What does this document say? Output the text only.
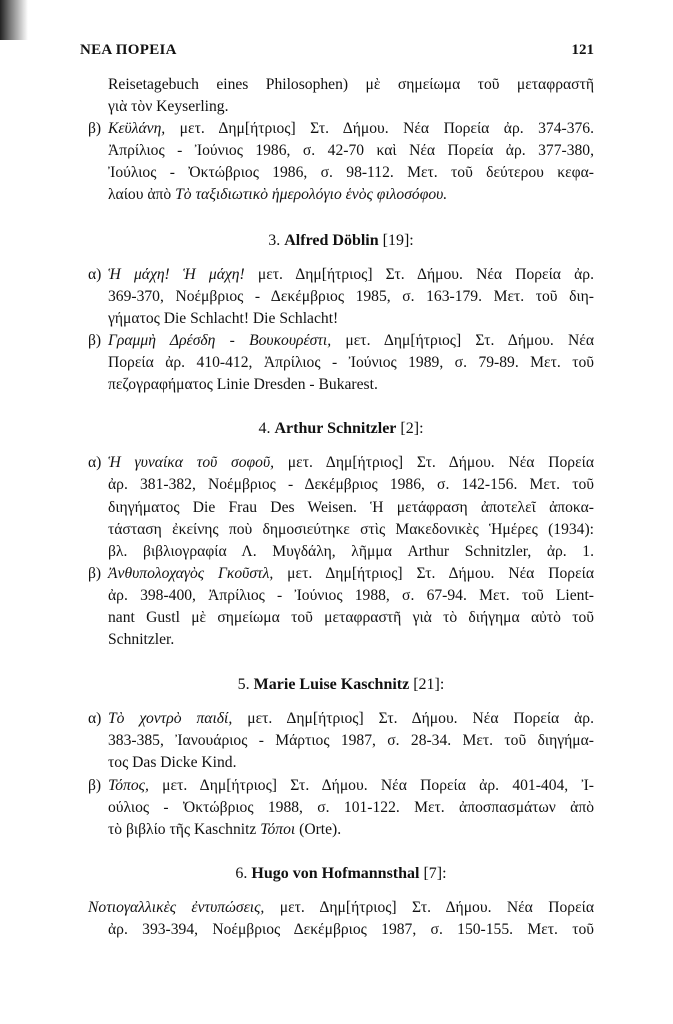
ΝΕΑ ΠΟΡΕΙΑ	121
Reisetagebuch eines Philosophen) μὲ σημείωμα τοῦ μεταφραστῆ
γιὰ τὸν Keyserling.
β) Κεϋλάνη, μετ. Δημ[ήτριος] Στ. Δήμου. Νέα Πορεία ἀρ. 374-376.
Ἀπρίλιος - Ἰούνιος 1986, σ. 42-70 καὶ Νέα Πορεία ἀρ. 377-380,
Ἰούλιος - Ὀκτώβριος 1986, σ. 98-112. Μετ. τοῦ δεύτερου κεφα-
λαίου ἀπὸ Τὸ ταξιδιωτικὸ ἡμερολόγιο ἑνὸς φιλοσόφου.

3. Alfred Döblin [19]:

α) Ἡ μάχη! Ἡ μάχη! μετ. Δημ[ήτριος] Στ. Δήμου. Νέα Πορεία ἀρ.
369-370, Νοέμβριος - Δεκέμβριος 1985, σ. 163-179. Μετ. τοῦ διη-
γήματος Die Schlacht! Die Schlacht!
β) Γραμμὴ Δρέσδη - Βουκουρέστι, μετ. Δημ[ήτριος] Στ. Δήμου. Νέα
Πορεία ἀρ. 410-412, Ἀπρίλιος - Ἰούνιος 1989, σ. 79-89. Μετ. τοῦ
πεζογραφήματος Linie Dresden - Bukarest.

4. Arthur Schnitzler [2]:

α) Ἡ γυναίκα τοῦ σοφοῦ, μετ. Δημ[ήτριος] Στ. Δήμου. Νέα Πορεία
ἀρ. 381-382, Νοέμβριος - Δεκέμβριος 1986, σ. 142-156. Μετ. τοῦ
διηγήματος Die Frau Des Weisen. Ἡ μετάφραση ἀποτελεῖ ἀποκα-
τάσταση ἐκείνης ποὺ δημοσιεύτηκε στὶς Μακεδονικὲς Ἡμέρες (1934):
βλ. βιβλιογραφία Λ. Μυγδάλη, λῆμμα Arthur Schnitzler, ἀρ. 1.
β) Ἀνθυπολοχαγὸς Γκοῦστλ, μετ. Δημ[ήτριος] Στ. Δήμου. Νέα Πορεία
ἀρ. 398-400, Ἀπρίλιος - Ἰούνιος 1988, σ. 67-94. Μετ. τοῦ Lient-
nant Gustl μὲ σημείωμα τοῦ μεταφραστῆ γιὰ τὸ διήγημα αὐτὸ τοῦ
Schnitzler.

5. Marie Luise Kaschnitz [21]:

α) Τὸ χοντρὸ παιδί, μετ. Δημ[ήτριος] Στ. Δήμου. Νέα Πορεία ἀρ.
383-385, Ἰανουάριος - Μάρτιος 1987, σ. 28-34. Μετ. τοῦ διηγήμα-
τος Das Dicke Kind.
β) Τόπος, μετ. Δημ[ήτριος] Στ. Δήμου. Νέα Πορεία ἀρ. 401-404, Ἰ-
ούλιος - Ὀκτώβριος 1988, σ. 101-122. Μετ. ἀποσπασμάτων ἀπὸ
τὸ βιβλίο τῆς Kaschnitz Τόποι (Orte).

6. Hugo von Hofmannsthal [7]:

Νοτιογαλλικὲς ἐντυπώσεις, μετ. Δημ[ήτριος] Στ. Δήμου. Νέα Πορεία
ἀρ. 393-394, Νοέμβριος Δεκέμβριος 1987, σ. 150-155. Μετ. τοῦ
